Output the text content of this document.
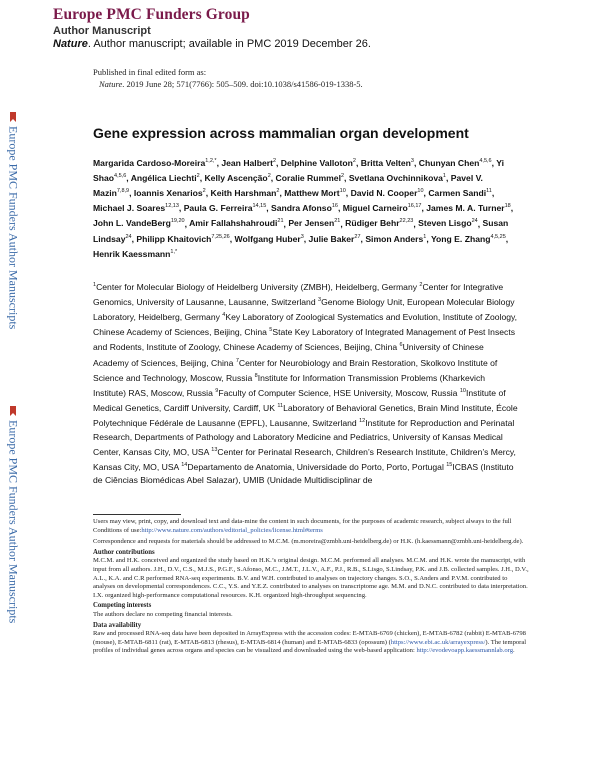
Europe PMC Funders Group
Author Manuscript
Nature. Author manuscript; available in PMC 2019 December 26.
Europe PMC Funders Author Manuscripts
Europe PMC Funders Author Manuscripts
Published in final edited form as:
Nature. 2019 June 28; 571(7766): 505–509. doi:10.1038/s41586-019-1338-5.
Gene expression across mammalian organ development
Margarida Cardoso-Moreira$^{1,2,*}$, Jean Halbert$^2$, Delphine Valloton$^2$, Britta Velten$^3$, Chunyan Chen$^{4,5,6}$, Yi Shao$^{4,5,6}$, Angélica Liechti$^2$, Kelly Ascenção$^2$, Coralie Rummel$^2$, Svetlana Ovchinnikova$^1$, Pavel V. Mazin$^{7,8,9}$, Ioannis Xenarios$^2$, Keith Harshman$^2$, Matthew Mort$^{10}$, David N. Cooper$^{10}$, Carmen Sandi$^{11}$, Michael J. Soares$^{12,13}$, Paula G. Ferreira$^{14,15}$, Sandra Afonso$^{16}$, Miguel Carneiro$^{16,17}$, James M. A. Turner$^{18}$, John L. VandeBerg$^{19,20}$, Amir Fallahshahroudi$^{21}$, Per Jensen$^{21}$, Rüdiger Behr$^{22,23}$, Steven Lisgo$^{24}$, Susan Lindsay$^{24}$, Philipp Khaitovich$^{7,25,26}$, Wolfgang Huber$^3$, Julie Baker$^{27}$, Simon Anders$^1$, Yong E. Zhang$^{4,5,25}$, Henrik Kaessmann$^{1,*}$
$^1$Center for Molecular Biology of Heidelberg University (ZMBH), Heidelberg, Germany $^2$Center for Integrative Genomics, University of Lausanne, Lausanne, Switzerland $^3$Genome Biology Unit, European Molecular Biology Laboratory, Heidelberg, Germany $^4$Key Laboratory of Zoological Systematics and Evolution, Institute of Zoology, Chinese Academy of Sciences, Beijing, China $^5$State Key Laboratory of Integrated Management of Pest Insects and Rodents, Institute of Zoology, Chinese Academy of Sciences, Beijing, China $^6$University of Chinese Academy of Sciences, Beijing, China $^7$Center for Neurobiology and Brain Restoration, Skolkovo Institute of Science and Technology, Moscow, Russia $^8$Institute for Information Transmission Problems (Kharkevich Institute) RAS, Moscow, Russia $^9$Faculty of Computer Science, HSE University, Moscow, Russia $^{10}$Institute of Medical Genetics, Cardiff University, Cardiff, UK $^{11}$Laboratory of Behavioral Genetics, Brain Mind Institute, École Polytechnique Fédérale de Lausanne (EPFL), Lausanne, Switzerland $^{12}$Institute for Reproduction and Perinatal Research, Departments of Pathology and Laboratory Medicine and Pediatrics, University of Kansas Medical Center, Kansas City, MO, USA $^{13}$Center for Perinatal Research, Children’s Research Institute, Children’s Mercy, Kansas City, MO, USA $^{14}$Departamento de Anatomia, Universidade do Porto, Porto, Portugal $^{15}$ICBAS (Instituto de Ciências Biomédicas Abel Salazar), UMIB (Unidade Multidisciplinar de

Users may view, print, copy, and download text and data-mine the content in such documents, for the purposes of academic research, subject always to the full Conditions of use:http://www.nature.com/authors/editorial_policies/license.html#terms

Correspondence and requests for materials should be addressed to M.C.M. (m.moreira@zmbh.uni-heidelberg.de) or H.K. (h.kaessmann@zmbh.uni-heidelberg.de).

Author contributions

M.C.M. and H.K. conceived and organized the study based on H.K.’s original design. M.C.M. performed all analyses. M.C.M. and H.K. wrote the manuscript, with input from all authors. J.H., D.V., C.S., M.J.S., P.G.F., S.Afonso, M.C., J.M.T., J.L.V., A.F., P.J., R.B., S.Lisgo, S.Lindsay, P.K. and J.B. collected samples. J.H., D.V., A.L., K.A. and C.R performed RNA-seq experiments. B.V. and W.H. contributed to analyses on trajectory changes. S.O., S.Anders and P.V.M. contributed to analyses on developmental correspondences. C.C., Y.S. and Y.E.Z. contributed to analyses on transcriptome age. M.M. and D.N.C. contributed to data interpretation. I.X. organized high-performance computational resources. K.H. organized high-throughput sequencing.

Competing interests

The authors declare no competing financial interests.

Data availability

Raw and processed RNA-seq data have been deposited in ArrayExpress with the accession codes: E-MTAB-6769 (chicken), E-MTAB-6782 (rabbit) E-MTAB-6798 (mouse), E-MTAB-6811 (rat), E-MTAB-6813 (rhesus), E-MTAB-6814 (human) and E-MTAB-6833 (opossum) (https://www.ebi.ac.uk/arrayexpress/). The temporal profiles of individual genes across organs and species can be visualized and downloaded using the web-based application: http://evodevoapp.kaessmannlab.org.
